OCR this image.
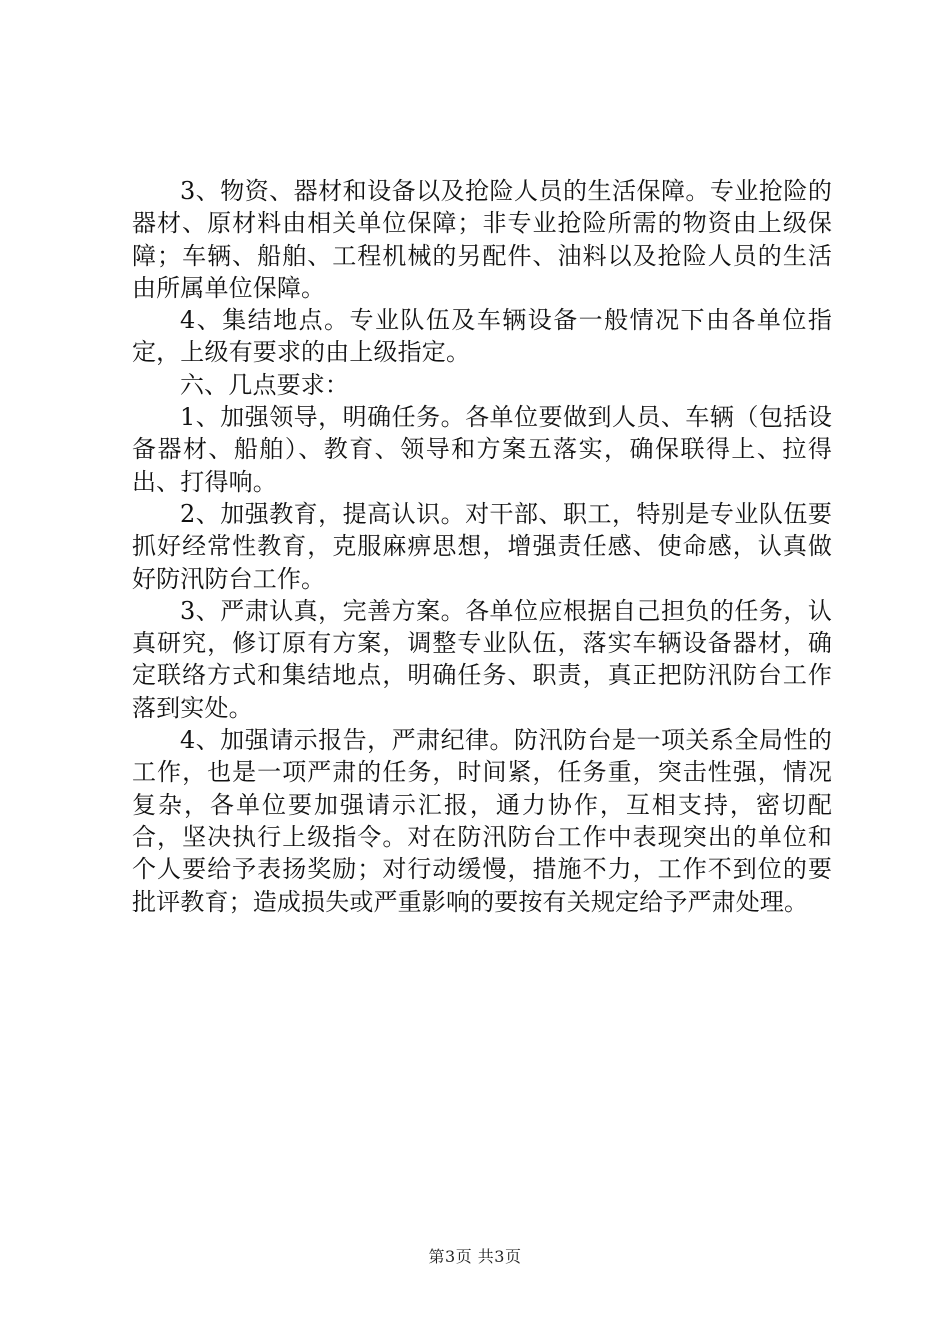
3、物资、器材和设备以及抢险人员的生活保障。专业抢险的器材、原材料由相关单位保障；非专业抢险所需的物资由上级保障；车辆、船舶、工程机械的另配件、油料以及抢险人员的生活由所属单位保障。

4、集结地点。专业队伍及车辆设备一般情况下由各单位指定，上级有要求的由上级指定。

六、几点要求：

1、加强领导，明确任务。各单位要做到人员、车辆（包括设备器材、船舶）、教育、领导和方案五落实，确保联得上、拉得出、打得响。

2、加强教育，提高认识。对干部、职工，特别是专业队伍要抓好经常性教育，克服麻痹思想，增强责任感、使命感，认真做好防汛防台工作。

3、严肃认真，完善方案。各单位应根据自己担负的任务，认真研究，修订原有方案，调整专业队伍，落实车辆设备器材，确定联络方式和集结地点，明确任务、职责，真正把防汛防台工作落到实处。

4、加强请示报告，严肃纪律。防汛防台是一项关系全局性的工作，也是一项严肃的任务，时间紧，任务重，突击性强，情况复杂，各单位要加强请示汇报，通力协作，互相支持，密切配合，坚决执行上级指令。对在防汛防台工作中表现突出的单位和个人要给予表扬奖励；对行动缓慢，措施不力，工作不到位的要批评教育；造成损失或严重影响的要按有关规定给予严肃处理。

第3页 共3页
